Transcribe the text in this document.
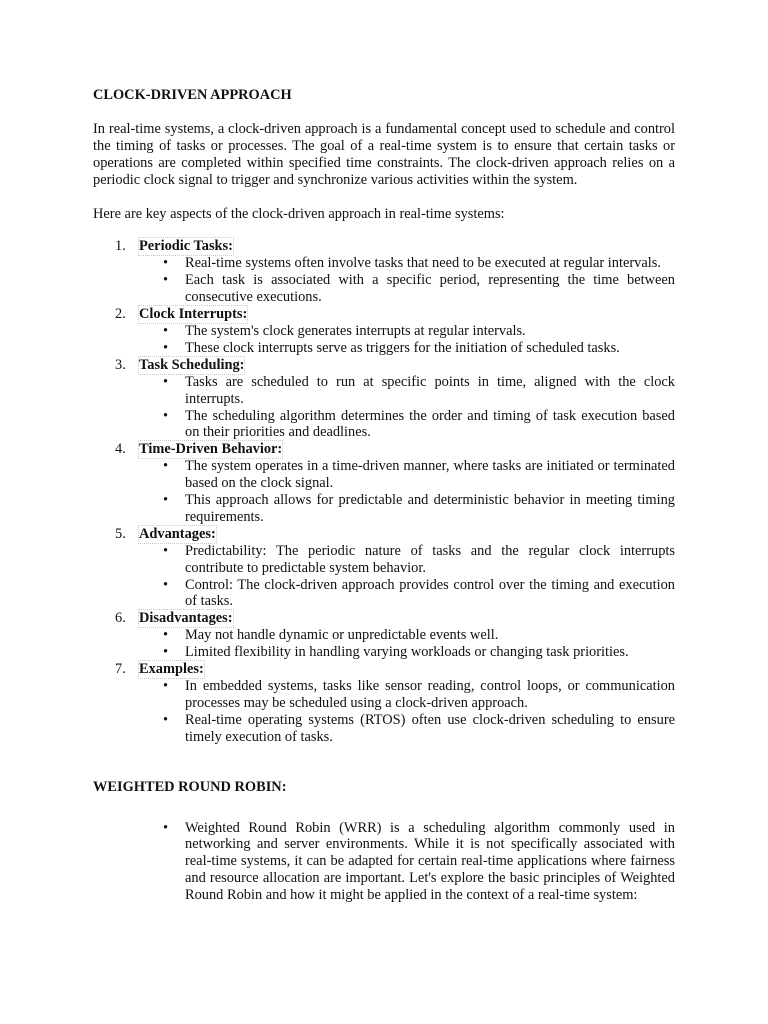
CLOCK-DRIVEN APPROACH

In real-time systems, a clock-driven approach is a fundamental concept used to schedule and control the timing of tasks or processes. The goal of a real-time system is to ensure that certain tasks or operations are completed within specified time constraints. The clock-driven approach relies on a periodic clock signal to trigger and synchronize various activities within the system.

Here are key aspects of the clock-driven approach in real-time systems:

1. Periodic Tasks:
• Real-time systems often involve tasks that need to be executed at regular intervals.
• Each task is associated with a specific period, representing the time between consecutive executions.
2. Clock Interrupts:
• The system's clock generates interrupts at regular intervals.
• These clock interrupts serve as triggers for the initiation of scheduled tasks.
3. Task Scheduling:
• Tasks are scheduled to run at specific points in time, aligned with the clock interrupts.
• The scheduling algorithm determines the order and timing of task execution based on their priorities and deadlines.
4. Time-Driven Behavior:
• The system operates in a time-driven manner, where tasks are initiated or terminated based on the clock signal.
• This approach allows for predictable and deterministic behavior in meeting timing requirements.
5. Advantages:
• Predictability: The periodic nature of tasks and the regular clock interrupts contribute to predictable system behavior.
• Control: The clock-driven approach provides control over the timing and execution of tasks.
6. Disadvantages:
• May not handle dynamic or unpredictable events well.
• Limited flexibility in handling varying workloads or changing task priorities.
7. Examples:
• In embedded systems, tasks like sensor reading, control loops, or communication processes may be scheduled using a clock-driven approach.
• Real-time operating systems (RTOS) often use clock-driven scheduling to ensure timely execution of tasks.
WEIGHTED ROUND ROBIN:
• Weighted Round Robin (WRR) is a scheduling algorithm commonly used in networking and server environments. While it is not specifically associated with real-time systems, it can be adapted for certain real-time applications where fairness and resource allocation are important. Let's explore the basic principles of Weighted Round Robin and how it might be applied in the context of a real-time system:
